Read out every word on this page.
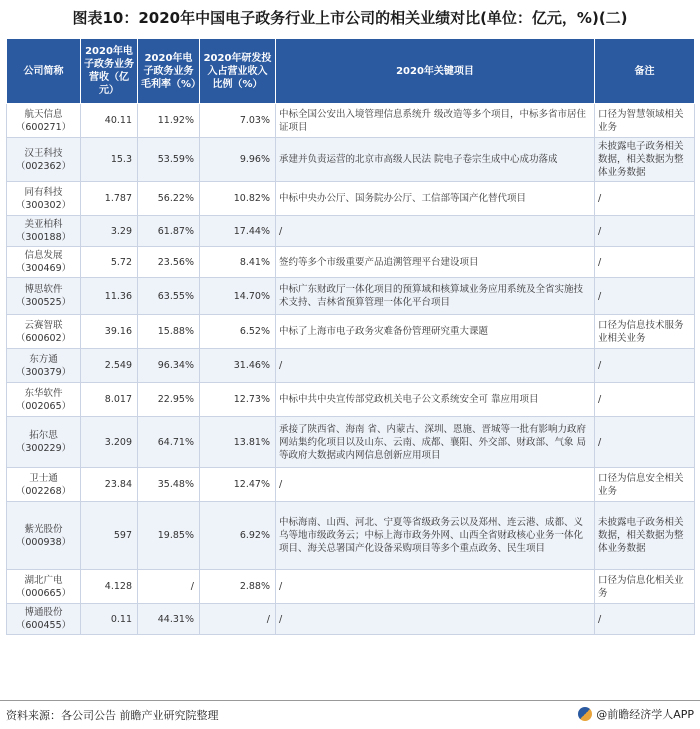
图表10：2020年中国电子政务行业上市公司的相关业绩对比(单位：亿元，%)(二)
公司简称	2020年电子政务业务营收（亿元）	2020年电子政务业务毛利率（%）	2020年研发投入占营业收入比例（%）	2020年关键项目	备注

航天信息
（600271）	40.11	11.92%	7.03%	中标全国公安出入境管理信息系统升 级改造等多个项目，中标多省市居住证项目	口径为智慧领域相关业务

汉王科技
（002362）	15.3	53.59%	9.96%	承建并负责运营的北京市高级人民法 院电子卷宗生成中心成功落成	未披露电子政务相关数据，相关数据为整体业务数据

同有科技
（300302）	1.787	56.22%	10.82%	中标中央办公厅、国务院办公厅、工信部等国产化替代项目	/

美亚柏科
（300188）	3.29	61.87%	17.44%	/	/

信息发展
（300469）	5.72	23.56%	8.41%	签约等多个市级重要产品追溯管理平台建设项目	/

博思软件
（300525）	11.36	63.55%	14.70%	中标广东财政厅一体化项目的预算域和核算域业务应用系统及全省实施技术支持、吉林省预算管理一体化平台项目	/

云赛智联
（600602）	39.16	15.88%	6.52%	中标了上海市电子政务灾难备份管理研究重大课题	口径为信息技术服务业相关业务

东方通
（300379）	2.549	96.34%	31.46%	/	/

东华软件
（002065）	8.017	22.95%	12.73%	中标中共中央宣传部党政机关电子公文系统安全可 靠应用项目	/

拓尔思
（300229）	3.209	64.71%	13.81%	承接了陕西省、海南 省、内蒙古、深圳、恩施、晋城等一批有影响力政府网站集约化项目以及山东、云南、成都、襄阳、外交部、财政部、气象 局等政府大数据或内网信息创新应用项目	/

卫士通
（002268）	23.84	35.48%	12.47%	/	口径为信息安全相关业务

紫光股份
（000938）	597	19.85%	6.92%	中标海南、山西、河北、宁夏等省级政务云以及郑州、连云港、成都、义乌等地市级政务云；中标上海市政务外网、山西全省财政核心业务一体化项目、海关总署国产化设备采购项目等多个重点政务、民生项目	未披露电子政务相关数据，相关数据为整体业务数据

湖北广电
（000665）	4.128	/	2.88%	/	口径为信息化相关业务

博通股份
（600455）	0.11	44.31%	/	/	/
资料来源：各公司公告 前瞻产业研究院整理	@前瞻经济学人APP
